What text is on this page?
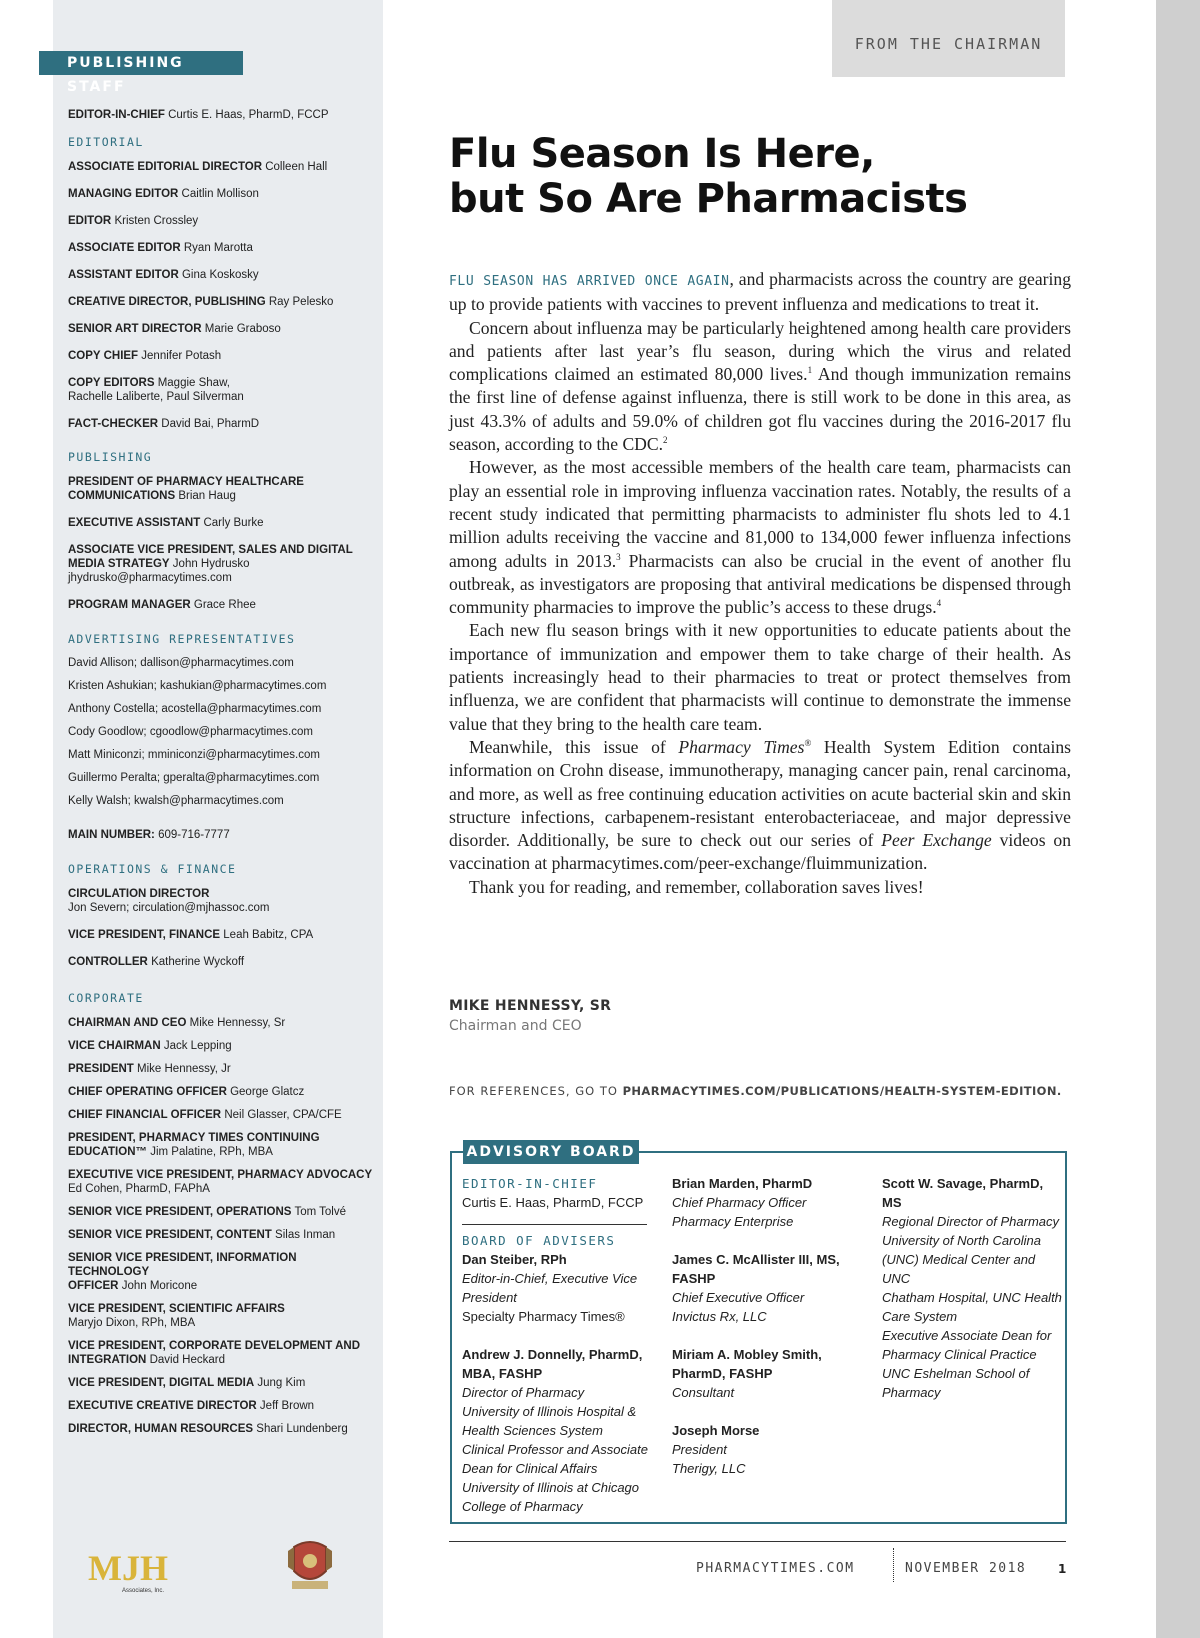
PUBLISHING STAFF
EDITOR-IN-CHIEF Curtis E. Haas, PharmD, FCCP
EDITORIAL
ASSOCIATE EDITORIAL DIRECTOR Colleen Hall
MANAGING EDITOR Caitlin Mollison
EDITOR Kristen Crossley
ASSOCIATE EDITOR Ryan Marotta
ASSISTANT EDITOR Gina Koskosky
CREATIVE DIRECTOR, PUBLISHING Ray Pelesko
SENIOR ART DIRECTOR Marie Graboso
COPY CHIEF Jennifer Potash
COPY EDITORS Maggie Shaw,
Rachelle Laliberte, Paul Silverman
FACT-CHECKER David Bai, PharmD
PUBLISHING
PRESIDENT OF PHARMACY HEALTHCARE
COMMUNICATIONS Brian Haug
EXECUTIVE ASSISTANT Carly Burke
ASSOCIATE VICE PRESIDENT, SALES AND DIGITAL
MEDIA STRATEGY John Hydrusko
jhydrusko@pharmacytimes.com
PROGRAM MANAGER Grace Rhee
ADVERTISING REPRESENTATIVES
David Allison; dallison@pharmacytimes.com
Kristen Ashukian; kashukian@pharmacytimes.com
Anthony Costella; acostella@pharmacytimes.com
Cody Goodlow; cgoodlow@pharmacytimes.com
Matt Miniconzi; mminiconzi@pharmacytimes.com
Guillermo Peralta; gperalta@pharmacytimes.com
Kelly Walsh; kwalsh@pharmacytimes.com
MAIN NUMBER: 609-716-7777
OPERATIONS & FINANCE
CIRCULATION DIRECTOR
Jon Severn; circulation@mjhassoc.com
VICE PRESIDENT, FINANCE Leah Babitz, CPA
CONTROLLER Katherine Wyckoff
CORPORATE
CHAIRMAN AND CEO Mike Hennessy, Sr
VICE CHAIRMAN Jack Lepping
PRESIDENT Mike Hennessy, Jr
CHIEF OPERATING OFFICER George Glatcz
CHIEF FINANCIAL OFFICER Neil Glasser, CPA/CFE
PRESIDENT, PHARMACY TIMES CONTINUING
EDUCATION™ Jim Palatine, RPh, MBA
EXECUTIVE VICE PRESIDENT, PHARMACY ADVOCACY
Ed Cohen, PharmD, FAPhA
SENIOR VICE PRESIDENT, OPERATIONS Tom Tolvé
SENIOR VICE PRESIDENT, CONTENT Silas Inman
SENIOR VICE PRESIDENT, INFORMATION TECHNOLOGY
OFFICER John Moricone
VICE PRESIDENT, SCIENTIFIC AFFAIRS
Maryjo Dixon, RPh, MBA
VICE PRESIDENT, CORPORATE DEVELOPMENT AND
INTEGRATION David Heckard
VICE PRESIDENT, DIGITAL MEDIA Jung Kim
EXECUTIVE CREATIVE DIRECTOR Jeff Brown
DIRECTOR, HUMAN RESOURCES Shari Lundenberg
MJH
Associates, Inc.
FROM THE CHAIRMAN
Flu Season Is Here,
but So Are Pharmacists

FLU SEASON HAS ARRIVED ONCE AGAIN, and pharmacists across the country are gearing up to provide patients with vaccines to prevent influenza and medications to treat it.

Concern about influenza may be particularly heightened among health care providers and patients after last year’s flu season, during which the virus and related complications claimed an estimated 80,000 lives.$^1$ And though immunization remains the first line of defense against influenza, there is still work to be done in this area, as just 43.3% of adults and 59.0% of children got flu vaccines during the 2016-2017 flu season, according to the CDC.$^2$

However, as the most accessible members of the health care team, pharmacists can play an essential role in improving influenza vaccination rates. Notably, the results of a recent study indicated that permitting pharmacists to administer flu shots led to 4.1 million adults receiving the vaccine and 81,000 to 134,000 fewer influenza infections among adults in 2013.$^3$ Pharmacists can also be crucial in the event of another flu outbreak, as investigators are proposing that antiviral medications be dispensed through community pharmacies to improve the public’s access to these drugs.$^4$

Each new flu season brings with it new opportunities to educate patients about the importance of immunization and empower them to take charge of their health. As patients increasingly head to their pharmacies to treat or protect themselves from influenza, we are confident that pharmacists will continue to demonstrate the immense value that they bring to the health care team.

Meanwhile, this issue of Pharmacy Times® Health System Edition contains information on Crohn disease, immunotherapy, managing cancer pain, renal carcinoma, and more, as well as free continuing education activities on acute bacterial skin and skin structure infections, carbapenem-resistant enterobacteriaceae, and major depressive disorder. Additionally, be sure to check out our series of Peer Exchange videos on vaccination at pharmacytimes.com/peer-exchange/fluimmunization.

Thank you for reading, and remember, collaboration saves lives!

MIKE HENNESSY, SR
Chairman and CEO
FOR REFERENCES, GO TO PHARMACYTIMES.COM/PUBLICATIONS/HEALTH-SYSTEM-EDITION.
ADVISORY BOARD
EDITOR-IN-CHIEF
Curtis E. Haas, PharmD, FCCP
BOARD OF ADVISERS
Dan Steiber, RPh
Editor-in-Chief, Executive Vice
President
Specialty Pharmacy Times®
Andrew J. Donnelly, PharmD,
MBA, FASHP
Director of Pharmacy
University of Illinois Hospital &
Health Sciences System
Clinical Professor and Associate
Dean for Clinical Affairs
University of Illinois at Chicago
College of Pharmacy
Brian Marden, PharmD
Chief Pharmacy Officer
Pharmacy Enterprise
James C. McAllister III, MS,
FASHP
Chief Executive Officer
Invictus Rx, LLC
Miriam A. Mobley Smith,
PharmD, FASHP
Consultant
Joseph Morse
President
Therigy, LLC
Scott W. Savage, PharmD,
MS
Regional Director of Pharmacy
University of North Carolina
(UNC) Medical Center and UNC
Chatham Hospital, UNC Health
Care System
Executive Associate Dean for
Pharmacy Clinical Practice
UNC Eshelman School of
Pharmacy
PHARMACYTIMES.COM	NOVEMBER 2018	1
